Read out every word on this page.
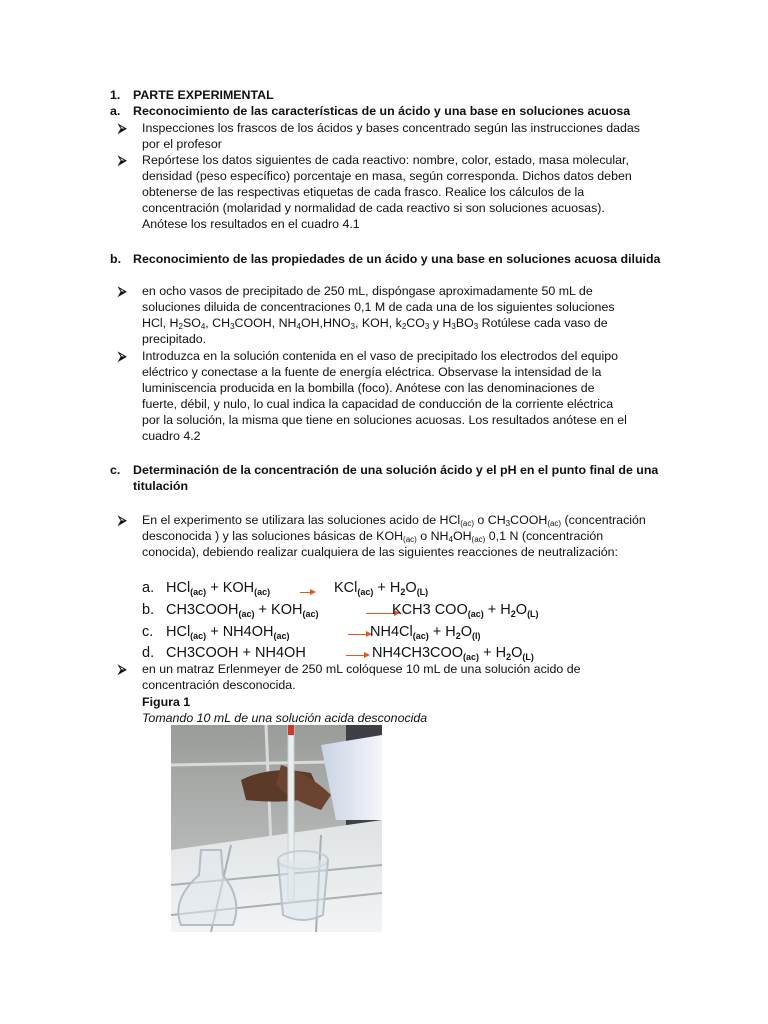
1. PARTE EXPERIMENTAL
a. Reconocimiento de las características de un ácido y una base en soluciones acuosa
⮚ Inspecciones los frascos de los ácidos y bases concentrado según las instrucciones dadas
por el profesor
⮚ Repórtese los datos siguientes de cada reactivo: nombre, color, estado, masa molecular,
densidad (peso específico) porcentaje en masa, según corresponda. Dichos datos deben
obtenerse de las respectivas etiquetas de cada frasco. Realice los cálculos de la
concentración (molaridad y normalidad de cada reactivo si son soluciones acuosas).
Anótese los resultados en el cuadro 4.1
b. Reconocimiento de las propiedades de un ácido y una base en soluciones acuosa diluida
⮚ en ocho vasos de precipitado de 250 mL, dispóngase aproximadamente 50 mL de
soluciones diluida de concentraciones 0,1 M de cada una de los siguientes soluciones
HCl, $H_2SO_4$, $CH_3COOH$, $NH_4OH,HNO_3$, KOH, $k_2CO_3$ y $H_3BO_3$ Rotúlese cada vaso de
precipitado.
⮚ Introduzca en la solución contenida en el vaso de precipitado los electrodos del equipo
eléctrico y conectase a la fuente de energía eléctrica. Observase la intensidad de la
luminiscencia producida en la bombilla (foco). Anótese con las denominaciones de
fuerte, débil, y nulo, lo cual indica la capacidad de conducción de la corriente eléctrica
por la solución, la misma que tiene en soluciones acuosas. Los resultados anótese en el
cuadro 4.2
c. Determinación de la concentración de una solución ácido y el pH en el punto final de una
titulación
⮚ En el experimento se utilizara las soluciones acido de HCl$_{(ac)}$ o $CH_3COOH_{(ac)}$ (concentración
desconocida ) y las soluciones básicas de $KOH_{(ac)}$ o $NH_4OH_{(ac)}$ 0,1 N (concentración
conocida), debiendo realizar cualquiera de las siguientes reacciones de neutralización:
a. $HCl_{(ac)} + KOH_{(ac)} \to KCl_{(ac)} + H_2O_{(L)}$
b. $CH3COOH_{(ac)} + KOH_{(ac)}$	KCH3 $COO_{(ac)} + H_2O_{(L)}$
c. $HCl_{(ac)} + NH4OH_{(ac)}$	→ $NH4Cl_{(ac)} + H_2O_{(l)}$
d. CH3COOH + NH4OH	→ $NH4CH3COO_{(ac)} + H_2O_{(L)}$
⮚ en un matraz Erlenmeyer de 250 mL colóquese 10 mL de una solución acido de
concentración desconocida.
Figura 1
Tomando 10 mL de una solución acida desconocida
